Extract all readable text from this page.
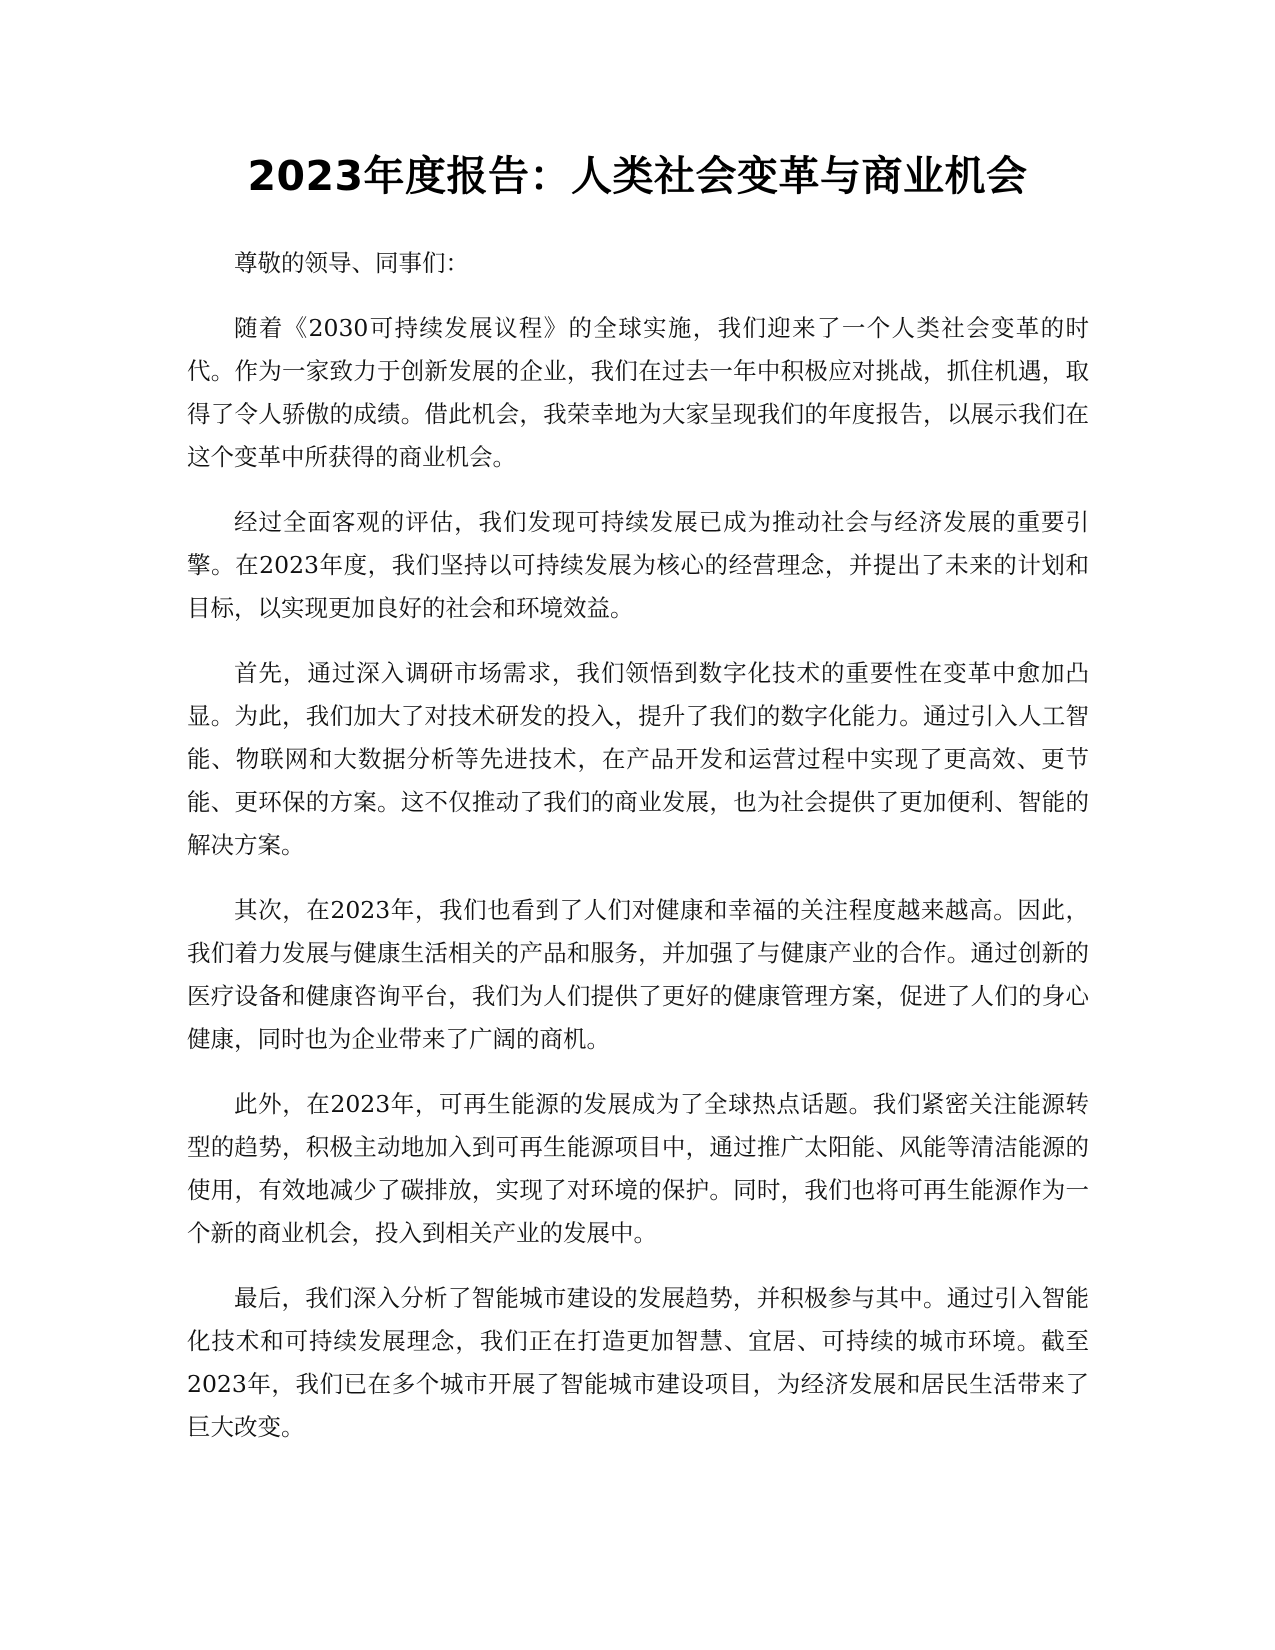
2023年度报告：人类社会变革与商业机会

尊敬的领导、同事们：

随着《2030可持续发展议程》的全球实施，我们迎来了一个人类社会变革的时代。作为一家致力于创新发展的企业，我们在过去一年中积极应对挑战，抓住机遇，取得了令人骄傲的成绩。借此机会，我荣幸地为大家呈现我们的年度报告，以展示我们在这个变革中所获得的商业机会。

经过全面客观的评估，我们发现可持续发展已成为推动社会与经济发展的重要引擎。在2023年度，我们坚持以可持续发展为核心的经营理念，并提出了未来的计划和目标，以实现更加良好的社会和环境效益。

首先，通过深入调研市场需求，我们领悟到数字化技术的重要性在变革中愈加凸显。为此，我们加大了对技术研发的投入，提升了我们的数字化能力。通过引入人工智能、物联网和大数据分析等先进技术，在产品开发和运营过程中实现了更高效、更节能、更环保的方案。这不仅推动了我们的商业发展，也为社会提供了更加便利、智能的解决方案。

其次，在2023年，我们也看到了人们对健康和幸福的关注程度越来越高。因此，我们着力发展与健康生活相关的产品和服务，并加强了与健康产业的合作。通过创新的医疗设备和健康咨询平台，我们为人们提供了更好的健康管理方案，促进了人们的身心健康，同时也为企业带来了广阔的商机。

此外，在2023年，可再生能源的发展成为了全球热点话题。我们紧密关注能源转型的趋势，积极主动地加入到可再生能源项目中，通过推广太阳能、风能等清洁能源的使用，有效地减少了碳排放，实现了对环境的保护。同时，我们也将可再生能源作为一个新的商业机会，投入到相关产业的发展中。

最后，我们深入分析了智能城市建设的发展趋势，并积极参与其中。通过引入智能化技术和可持续发展理念，我们正在打造更加智慧、宜居、可持续的城市环境。截至2023年，我们已在多个城市开展了智能城市建设项目，为经济发展和居民生活带来了巨大改变。
